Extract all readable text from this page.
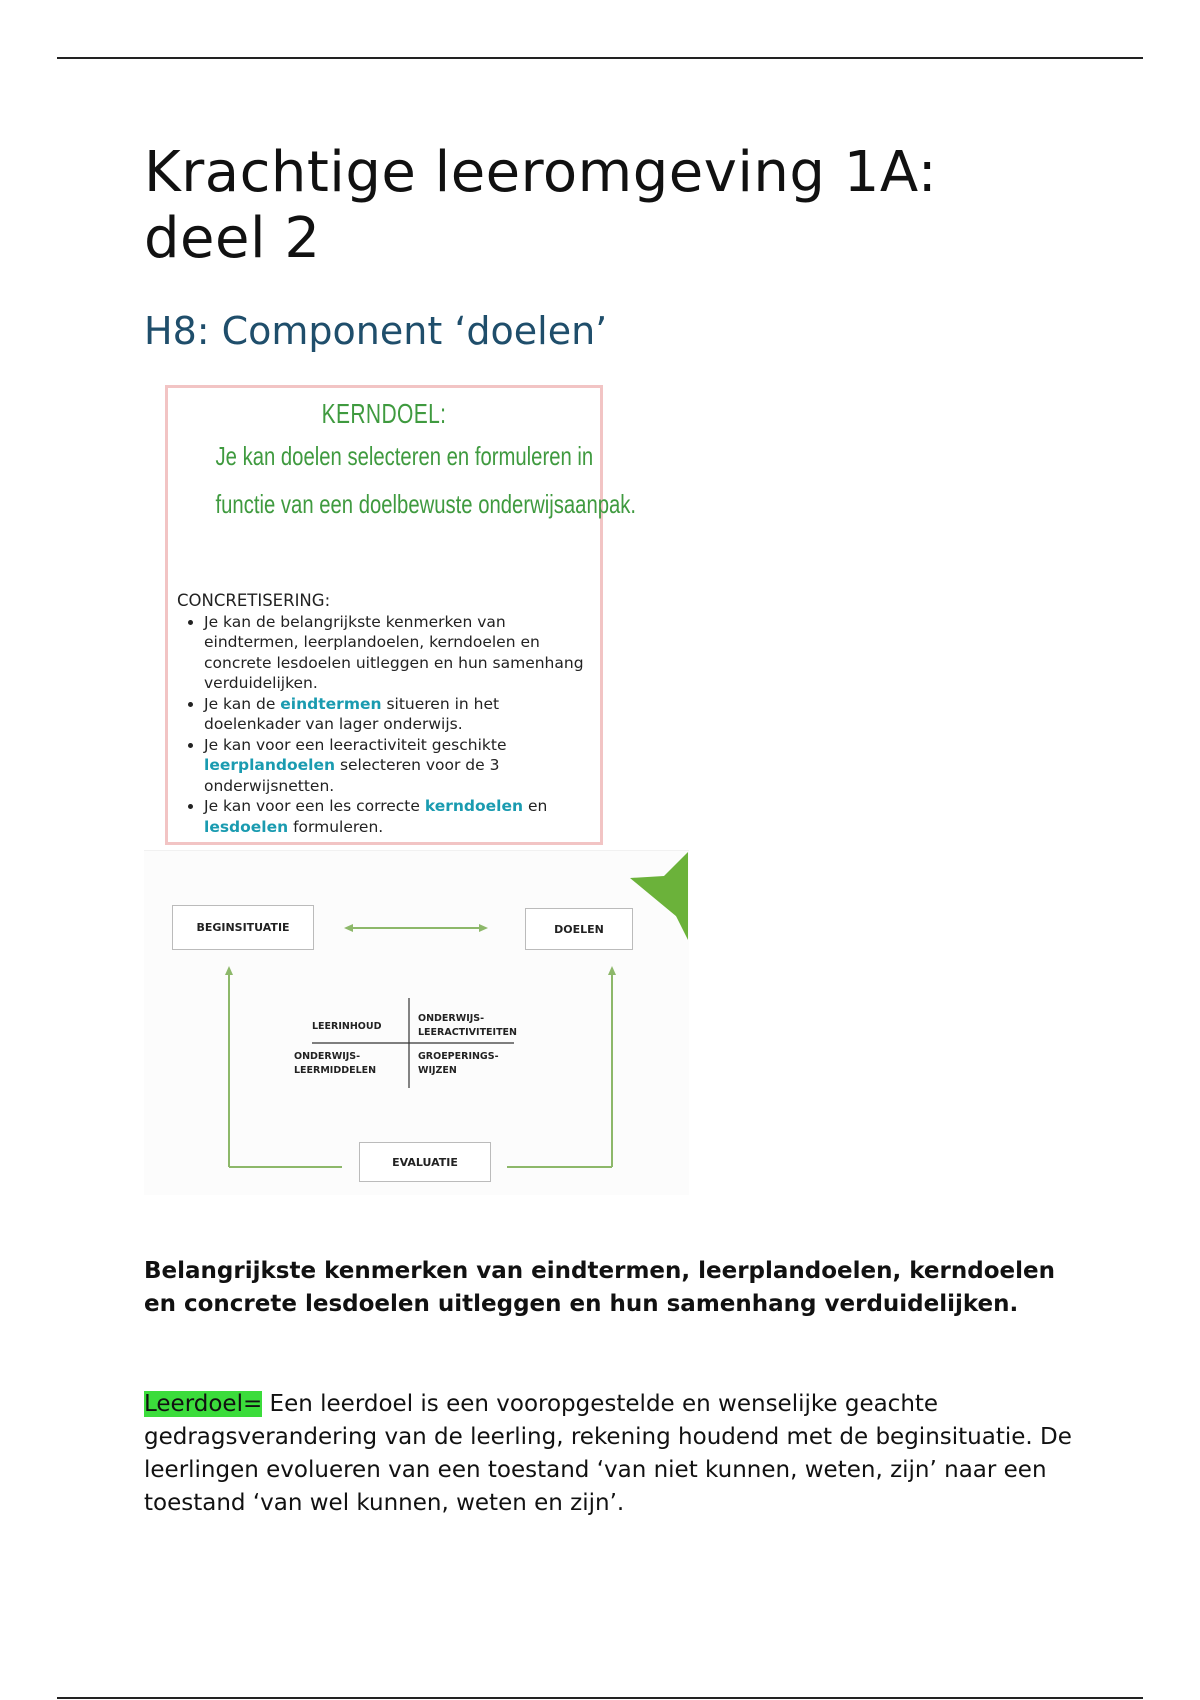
Krachtige leeromgeving 1A: deel 2
H8: Component ‘doelen’
KERNDOEL:
Je kan doelen selecteren en formuleren in
functie van een doelbewuste onderwijsaanpak.
CONCRETISERING:
• Je kan de belangrijkste kenmerken van eindtermen, leerplandoelen, kerndoelen en concrete lesdoelen uitleggen en hun samenhang verduidelijken.
• Je kan de eindtermen situeren in het doelenkader van lager onderwijs.
• Je kan voor een leeractiviteit geschikte leerplandoelen selecteren voor de 3 onderwijsnetten.
• Je kan voor een les correcte kerndoelen en lesdoelen formuleren.
BEGINSITUATIE	DOELEN
EVALUATIE
LEERINHOUD
ONDERWIJS-
LEERACTIVITEITEN
ONDERWIJS-
LEERMIDDELEN
GROEPERINGS-
WIJZEN

Belangrijkste kenmerken van eindtermen, leerplandoelen, kerndoelen en concrete lesdoelen uitleggen en hun samenhang verduidelijken.

Leerdoel= Een leerdoel is een vooropgestelde en wenselijke geachte gedragsverandering van de leerling, rekening houdend met de beginsituatie. De leerlingen evolueren van een toestand ‘van niet kunnen, weten, zijn’ naar een toestand ‘van wel kunnen, weten en zijn’.
